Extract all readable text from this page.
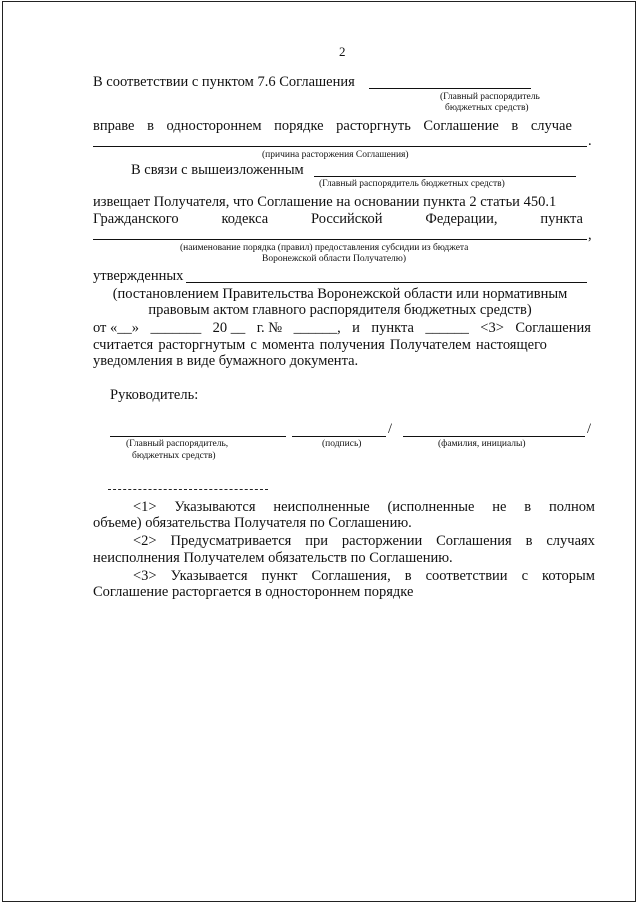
2
В соответствии с пунктом 7.6 Соглашения
(Главный распорядитель
бюджетных средств)
вправе в одностороннем порядке расторгнуть Соглашение в случае
.
(причина расторжения Соглашения)
В связи с вышеизложенным
(Главный распорядитель бюджетных средств)
извещает Получателя, что Соглашение на основании пункта 2 статьи 450.1
Гражданского	кодекса	Российской	Федерации,	пункта
,
(наименование порядка (правил) предоставления субсидии из бюджета
Воронежской области Получателю)
утвержденных
(постановлением Правительства Воронежской области или нормативным
правовым актом главного распорядителя бюджетных средств)
от «__» _______ 20 __ г. № ______, и пункта ______ <3> Соглашения
считается расторгнутым с момента получения Получателем настоящего
уведомления в виде бумажного документа.
Руководитель:
/	/
(Главный распорядитель,
бюджетных средств)
(подпись)	(фамилия, инициалы)
<1> Указываются неисполненные (исполненные не в полном
объеме) обязательства Получателя по Соглашению.
<2> Предусматривается при расторжении Соглашения в случаях
неисполнения Получателем обязательств по Соглашению.
<3> Указывается пункт Соглашения, в соответствии с которым
Соглашение расторгается в одностороннем порядке
